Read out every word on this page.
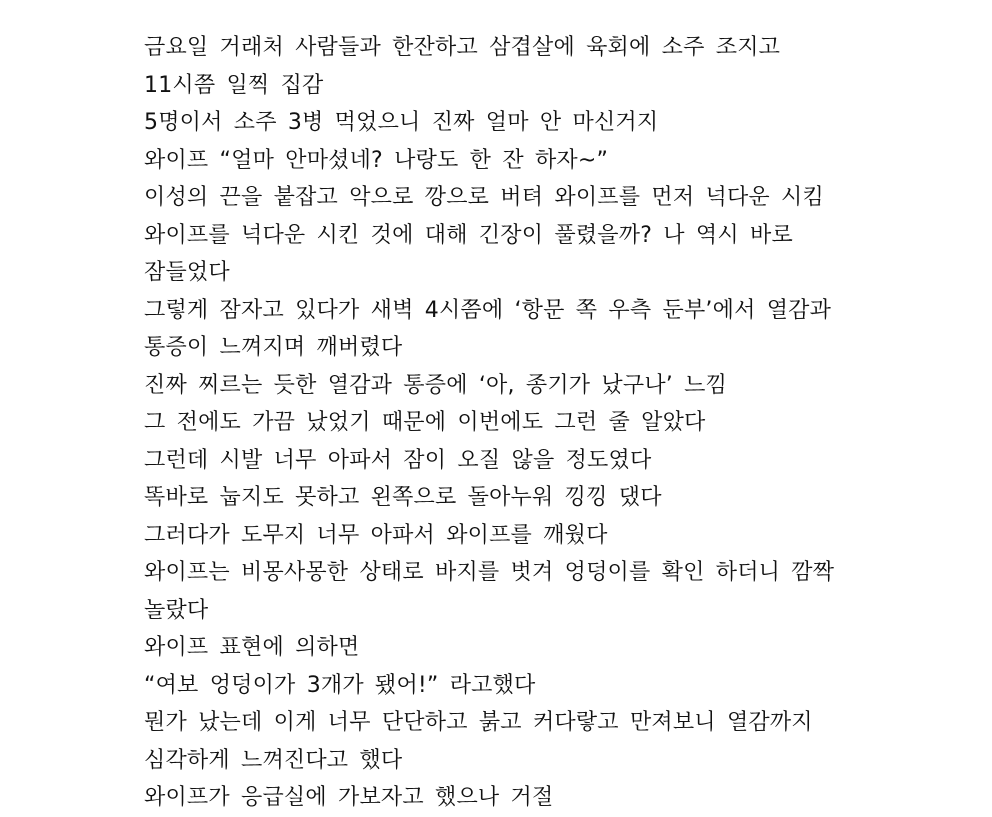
금요일 거래처 사람들과 한잔하고 삼겹살에 육회에 소주 조지고
11시쯤 일찍 집감
5명이서 소주 3병 먹었으니 진짜 얼마 안 마신거지
와이프 “얼마 안마셨네? 나랑도 한 잔 하자~”
이성의 끈을 붙잡고 악으로 깡으로 버텨 와이프를 먼저 넉다운 시킴
와이프를 넉다운 시킨 것에 대해 긴장이 풀렸을까? 나 역시 바로
잠들었다
그렇게 잠자고 있다가 새벽 4시쯤에 ‘항문 쪽 우측 둔부’에서 열감과
통증이 느껴지며 깨버렸다
진짜 찌르는 듯한 열감과 통증에 ‘아, 종기가 났구나’ 느낌
그 전에도 가끔 났었기 때문에 이번에도 그런 줄 알았다
그런데 시발 너무 아파서 잠이 오질 않을 정도였다
똑바로 눕지도 못하고 왼쪽으로 돌아누워 낑낑 댔다
그러다가 도무지 너무 아파서 와이프를 깨웠다
와이프는 비몽사몽한 상태로 바지를 벗겨 엉덩이를 확인 하더니 깜짝
놀랐다
와이프 표현에 의하면
“여보 엉덩이가 3개가 됐어!” 라고했다
뭔가 났는데 이게 너무 단단하고 붉고 커다랗고 만져보니 열감까지
심각하게 느껴진다고 했다
와이프가 응급실에 가보자고 했으나 거절
